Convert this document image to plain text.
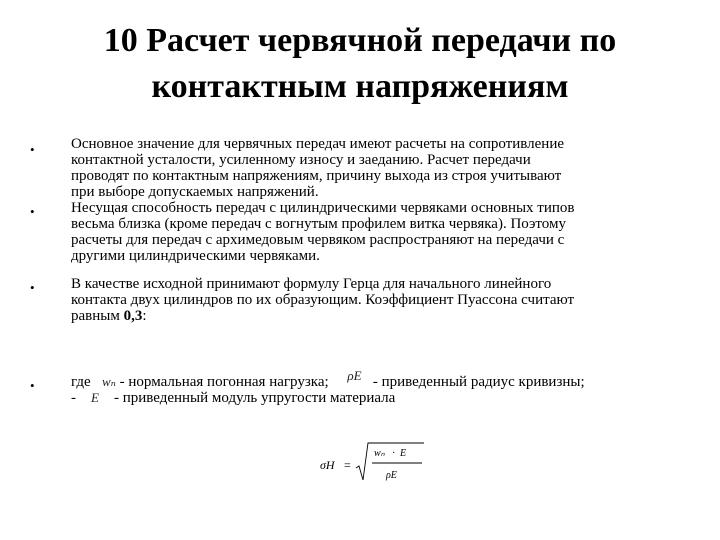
10 Расчет червячной передачи по
контактным напряжениям
•
•
•
•
Основное значение для червячных передач имеют расчеты на сопротивление
контактной усталости, усиленному износу и заеданию. Расчет передачи
проводят по контактным напряжениям, причину выхода из строя учитывают
при выборе допускаемых напряжений.
Несущая способность передач с цилиндрическими червяками основных типов
весьма близка (кроме передач с вогнутым профилем витка червяка). Поэтому
расчеты для передач с архимедовым червяком распространяют на передачи с
другими цилиндрическими червяками.
В качестве исходной принимают формулу Герца для начального линейного
контакта двух цилиндров по их образующим. Коэффициент Пуассона считают
равным 0,3:
где wₙ - нормальная погонная нагрузка; ρE - приведенный радиус кривизны;
- E - приведенный модуль упругости материала
σH =
wₙ · E
ρE
